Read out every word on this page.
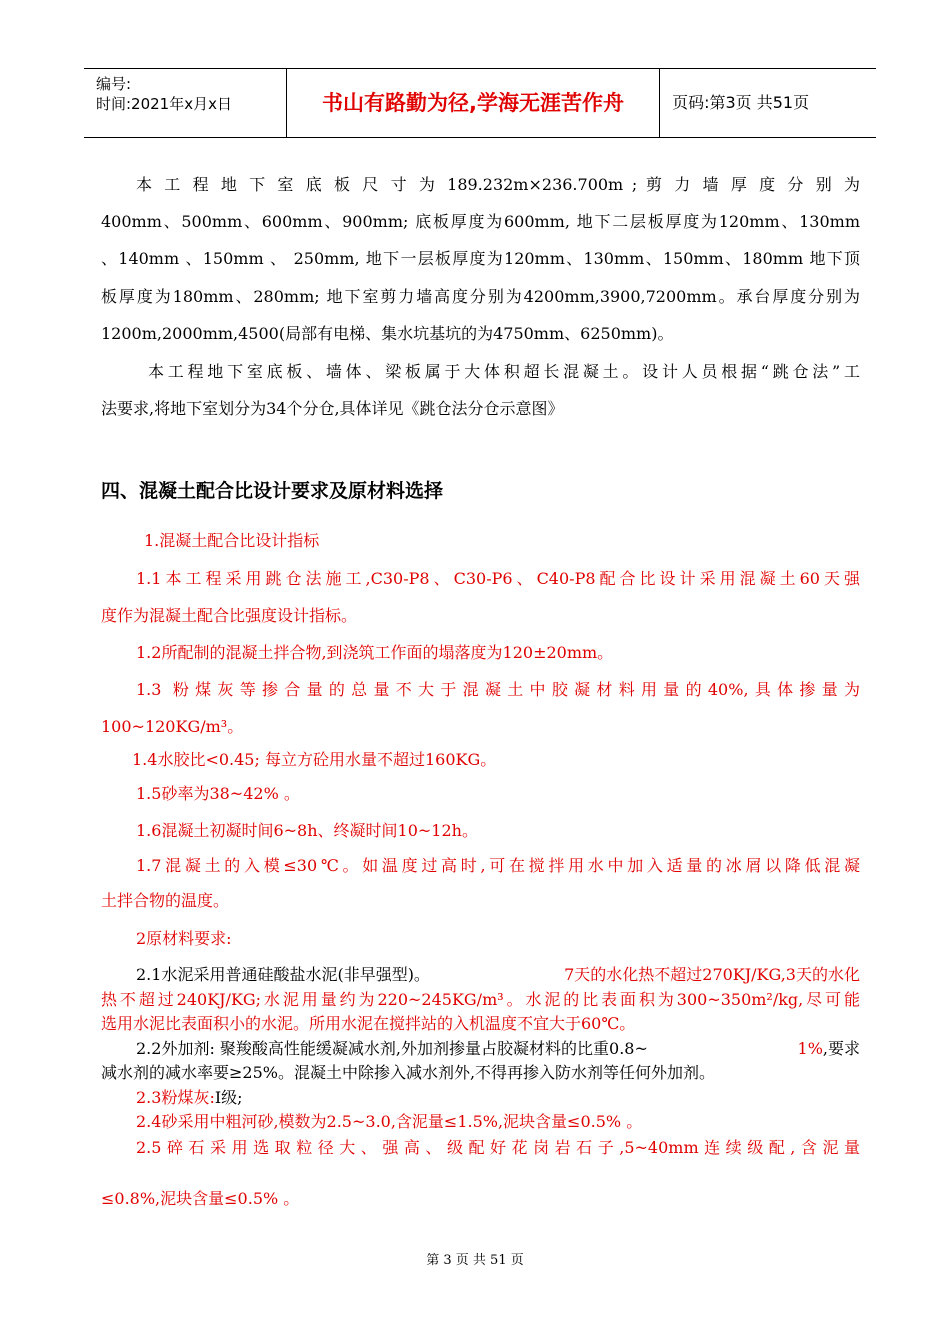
编号:
时间:2021年x月x日	书山有路勤为径,学海无涯苦作舟	页码:第3页 共51页
本 工 程 地 下 室 底 板 尺 寸 为 189.232m×236.700m ; 剪 力 墙 厚 度 分 别 为
400mm、500mm、600mm、900mm; 底板厚度为600mm, 地下二层板厚度为120mm、130mm
、140mm 、150mm 、 250mm, 地下一层板厚度为120mm、130mm、150mm、180mm 地下顶
板厚度为180mm、280mm; 地下室剪力墙高度分别为4200mm,3900,7200mm。承台厚度分别为
1200m,2000mm,4500(局部有电梯、集水坑基坑的为4750mm、6250mm)。
本工程地下室底板、墙体、梁板属于大体积超长混凝土。设计人员根据“跳仓法”工
法要求,将地下室划分为34个分仓,具体详见《跳仓法分仓示意图》
四、混凝土配合比设计要求及原材料选择
1.混凝土配合比设计指标
1.1本工程采用跳仓法施工,C30-P8、C30-P6、C40-P8配合比设计采用混凝土60天强
度作为混凝土配合比强度设计指标。
1.2所配制的混凝土拌合物,到浇筑工作面的塌落度为120±20mm。
1.3 粉煤灰等掺合量的总量不大于混凝土中胶凝材料用量的40%,具体掺量为
100~120KG/m³。
1.4水胶比<0.45; 每立方砼用水量不超过160KG。
1.5砂率为38~42% 。
1.6混凝土初凝时间6~8h、终凝时间10~12h。
1.7混凝土的入模≤30℃。如温度过高时,可在搅拌用水中加入适量的冰屑以降低混凝
土拌合物的温度。
2原材料要求:
2.1水泥采用普通硅酸盐水泥(非早强型)。	7天的水化热不超过270KJ/KG,3天的水化
热不超过240KJ/KG;水泥用量约为220~245KG/m³。水泥的比表面积为300~350m²/kg,尽可能
选用水泥比表面积小的水泥。所用水泥在搅拌站的入机温度不宜大于60℃。
2.2外加剂: 聚羧酸高性能缓凝减水剂,外加剂掺量占胶凝材料的比重0.8~	1%,要求
减水剂的减水率要≥25%。混凝土中除掺入减水剂外,不得再掺入防水剂等任何外加剂。
2.3粉煤灰:Ⅰ级;
2.4砂采用中粗河砂,模数为2.5~3.0,含泥量≤1.5%,泥块含量≤0.5% 。
2.5碎石采用选取粒径大、强高、级配好花岗岩石子,5~40mm连续级配,含泥量
≤0.8%,泥块含量≤0.5% 。
第 3 页 共 51 页
